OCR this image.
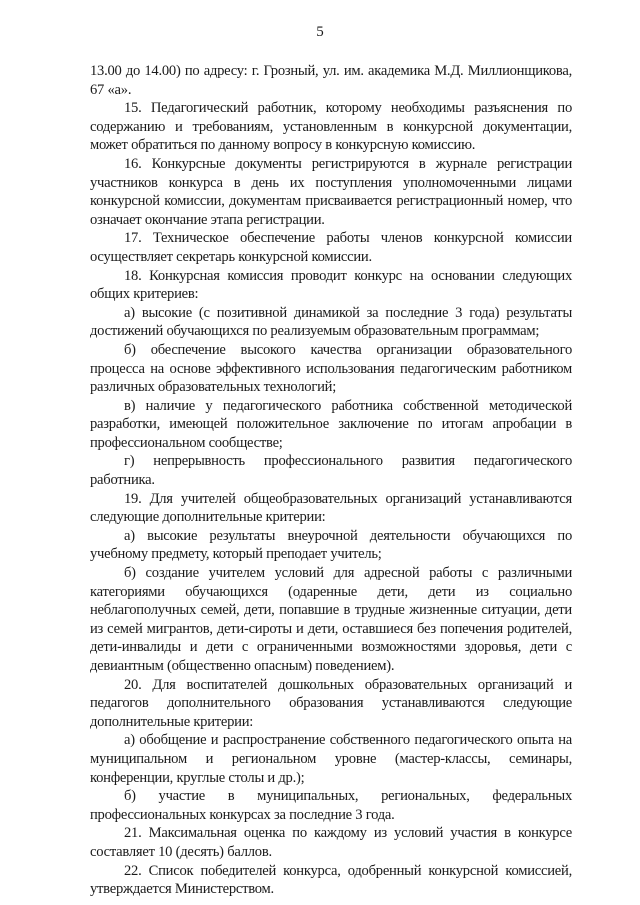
5

13.00 до 14.00) по адресу: г. Грозный, ул. им. академика М.Д. Миллионщикова, 67 «а».

15. Педагогический работник, которому необходимы разъяснения по содержанию и требованиям, установленным в конкурсной документации, может обратиться по данному вопросу в конкурсную комиссию.

16. Конкурсные документы регистрируются в журнале регистрации участников конкурса в день их поступления уполномоченными лицами конкурсной комиссии, документам присваивается регистрационный номер, что означает окончание этапа регистрации.

17. Техническое обеспечение работы членов конкурсной комиссии осуществляет секретарь конкурсной комиссии.

18. Конкурсная комиссия проводит конкурс на основании следующих общих критериев:

а) высокие (с позитивной динамикой за последние 3 года) результаты достижений обучающихся по реализуемым образовательным программам;

б) обеспечение высокого качества организации образовательного процесса на основе эффективного использования педагогическим работником различных образовательных технологий;

в) наличие у педагогического работника собственной методической разработки, имеющей положительное заключение по итогам апробации в профессиональном сообществе;

г) непрерывность профессионального развития педагогического работника.

19. Для учителей общеобразовательных организаций устанавливаются следующие дополнительные критерии:

а) высокие результаты внеурочной деятельности обучающихся по учебному предмету, который преподает учитель;

б) создание учителем условий для адресной работы с различными категориями обучающихся (одаренные дети, дети из социально неблагополучных семей, дети, попавшие в трудные жизненные ситуации, дети из семей мигрантов, дети-сироты и дети, оставшиеся без попечения родителей, дети-инвалиды и дети с ограниченными возможностями здоровья, дети с девиантным (общественно опасным) поведением).

20. Для воспитателей дошкольных образовательных организаций и педагогов дополнительного образования устанавливаются следующие дополнительные критерии:

а) обобщение и распространение собственного педагогического опыта на муниципальном и региональном уровне (мастер-классы, семинары, конференции, круглые столы и др.);

б) участие в муниципальных, региональных, федеральных профессиональных конкурсах за последние 3 года.

21. Максимальная оценка по каждому из условий участия в конкурсе составляет 10 (десять) баллов.

22. Список победителей конкурса, одобренный конкурсной комиссией, утверждается Министерством.
